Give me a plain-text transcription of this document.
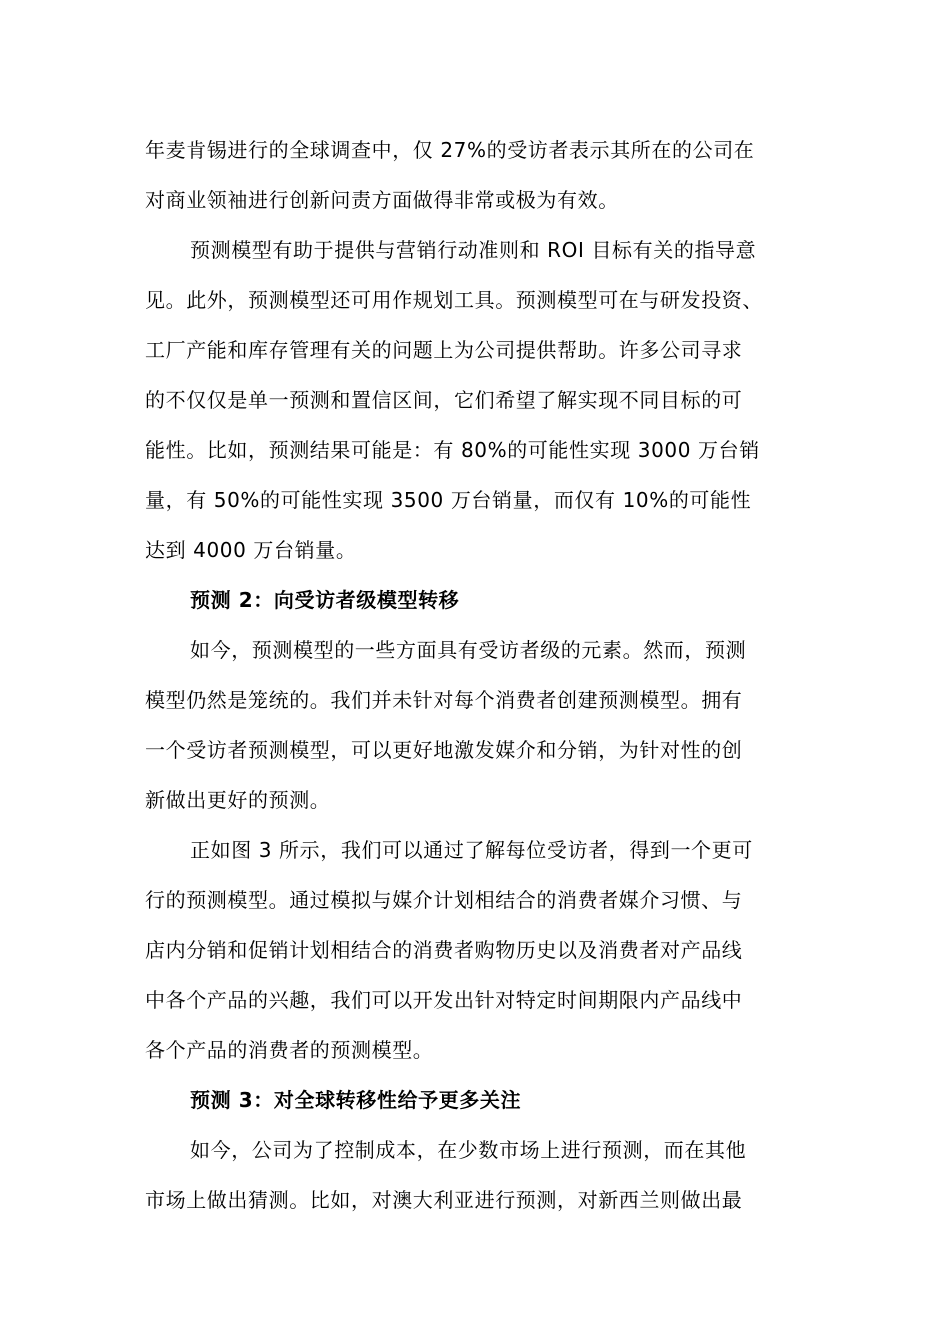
年麦肯锡进行的全球调查中，仅 27%的受访者表示其所在的公司在
对商业领袖进行创新问责方面做得非常或极为有效。
预测模型有助于提供与营销行动准则和 ROI 目标有关的指导意
见。此外，预测模型还可用作规划工具。预测模型可在与研发投资、
工厂产能和库存管理有关的问题上为公司提供帮助。许多公司寻求
的不仅仅是单一预测和置信区间，它们希望了解实现不同目标的可
能性。比如，预测结果可能是：有 80%的可能性实现 3000 万台销
量，有 50%的可能性实现 3500 万台销量，而仅有 10%的可能性
达到 4000 万台销量。
预测 2：向受访者级模型转移
如今，预测模型的一些方面具有受访者级的元素。然而，预测
模型仍然是笼统的。我们并未针对每个消费者创建预测模型。拥有
一个受访者预测模型，可以更好地激发媒介和分销，为针对性的创
新做出更好的预测。
正如图 3 所示，我们可以通过了解每位受访者，得到一个更可
行的预测模型。通过模拟与媒介计划相结合的消费者媒介习惯、与
店内分销和促销计划相结合的消费者购物历史以及消费者对产品线
中各个产品的兴趣，我们可以开发出针对特定时间期限内产品线中
各个产品的消费者的预测模型。
预测 3：对全球转移性给予更多关注
如今，公司为了控制成本，在少数市场上进行预测，而在其他
市场上做出猜测。比如，对澳大利亚进行预测，对新西兰则做出最
